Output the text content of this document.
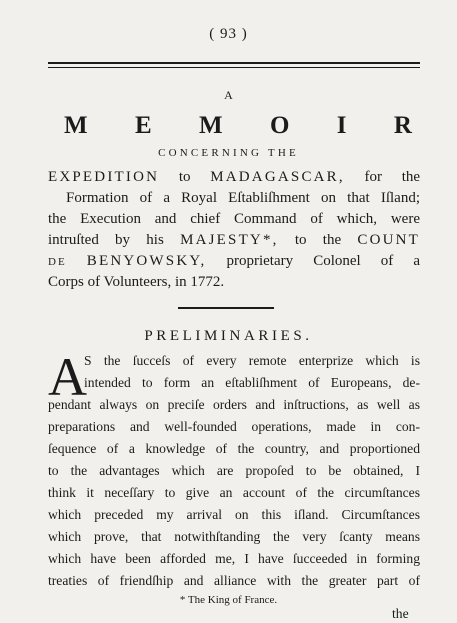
( 93 )
A
M E M O I R
CONCERNING THE
EXPEDITION to MADAGASCAR, for the
Formation of a Royal Eſtabliſhment on that Iſland;
the Execution and chief Command of which, were
intruſted by his MAJESTY*, to the COUNT
DE BENYOWSKY, proprietary Colonel of a
Corps of Volunteers, in 1772.
PRELIMINARIES.
A
S the ſucceſs of every remote enterprize which is
intended to form an eſtabliſhment of Europeans, de-
pendant always on preciſe orders and inſtructions, as well as
preparations and well-founded operations, made in con-
ſequence of a knowledge of the country, and proportioned
to the advantages which are propoſed to be obtained, I
think it neceſſary to give an account of the circumſtances
which preceded my arrival on this iſland. Circumſtances
which prove, that notwithſtanding the very ſcanty means
which have been afforded me, I have ſucceeded in forming
treaties of friendſhip and alliance with the greater part of
* The King of France.
the
